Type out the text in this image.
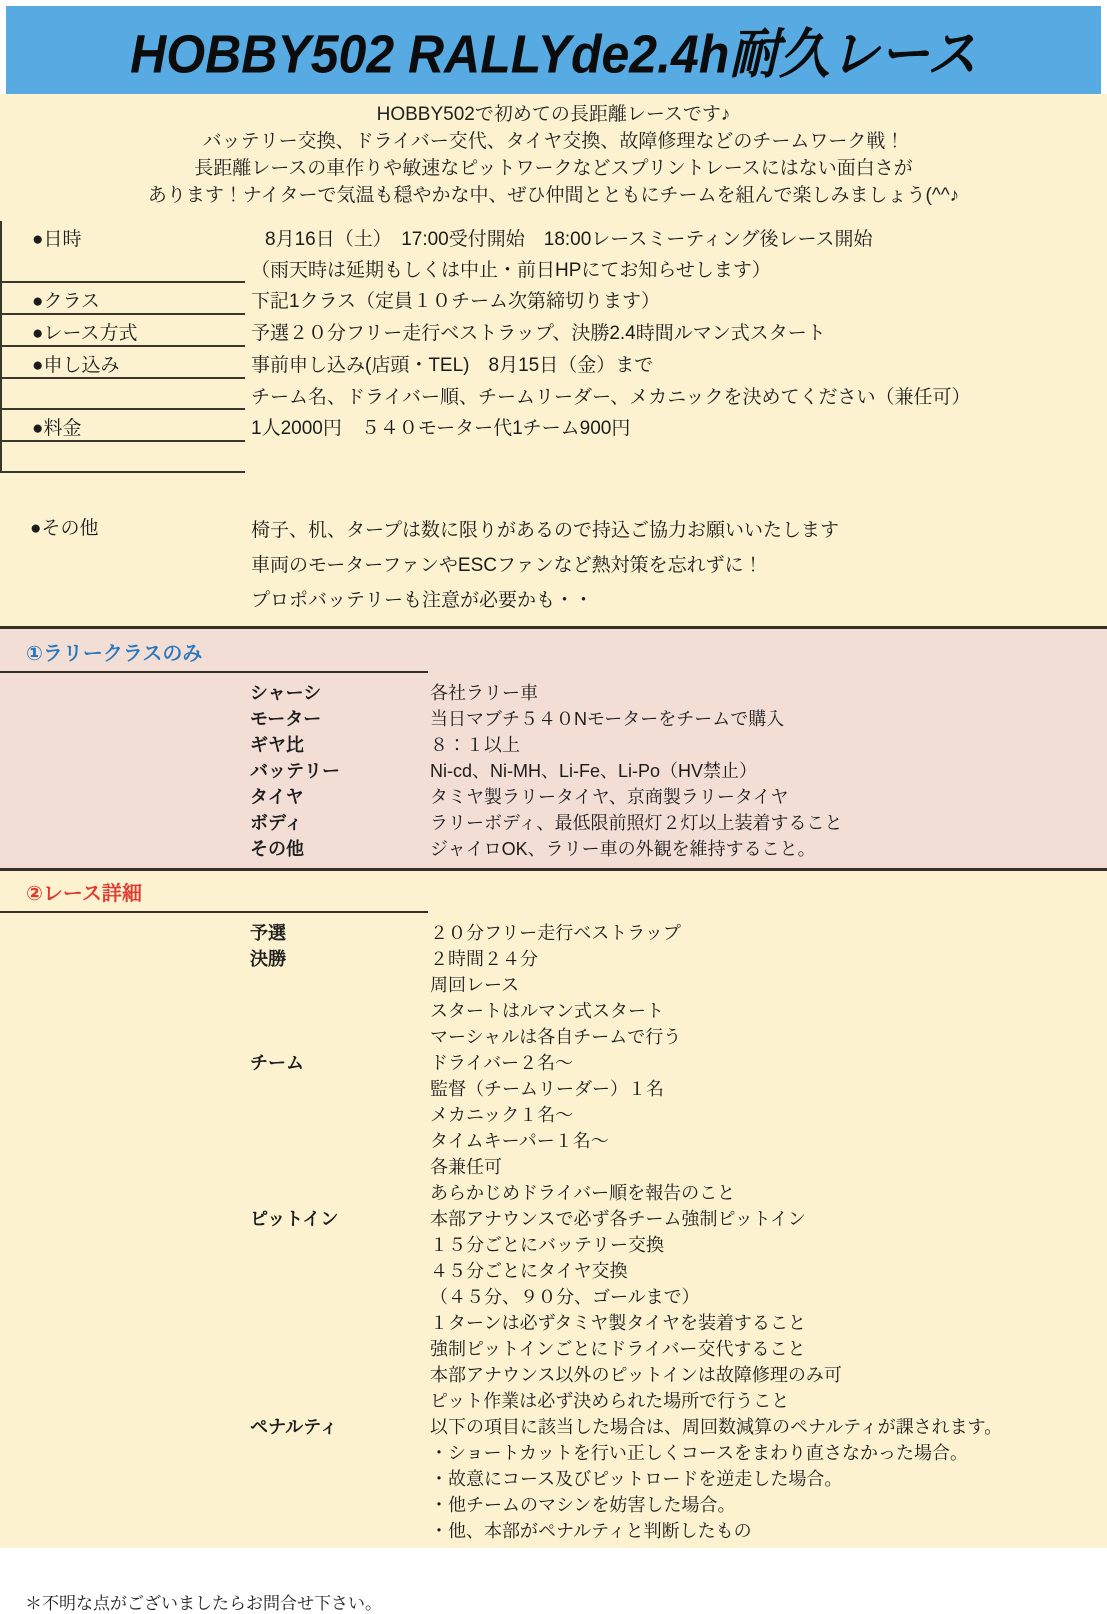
HOBBY502 RALLYde2.4h耐久レース
HOBBY502で初めての長距離レースです♪
バッテリー交換、ドライバー交代、タイヤ交換、故障修理などのチームワーク戦！
長距離レースの車作りや敏速なピットワークなどスプリントレースにはない面白さが
あります！ナイターで気温も穏やかな中、ぜひ仲間とともにチームを組んで楽しみましょう(^^♪
●日時	8月16日（土）　17:00受付開始　18:00レースミーティング後レース開始
（雨天時は延期もしくは中止・前日HPにてお知らせします）
●クラス	下記1クラス（定員１０チーム次第締切ります）
●レース方式	予選２０分フリー走行ベストラップ、決勝2.4時間ルマン式スタート
●申し込み	事前申し込み(店頭・TEL)　8月15日（金）まで
チーム名、ドライバー順、チームリーダー、メカニックを決めてください（兼任可）
●料金	1人2000円　５４０モーター代1チーム900円
●その他	椅子、机、タープは数に限りがあるので持込ご協力お願いいたします
車両のモーターファンやESCファンなど熱対策を忘れずに！
プロポバッテリーも注意が必要かも・・
①ラリークラスのみ
シャーシ	各社ラリー車
モーター	当日マブチ５４０Nモーターをチームで購入
ギヤ比	８：１以上
バッテリー	Ni-cd、Ni-MH、Li-Fe、Li-Po（HV禁止）
タイヤ	タミヤ製ラリータイヤ、京商製ラリータイヤ
ボディ	ラリーボディ、最低限前照灯２灯以上装着すること
その他	ジャイロOK、ラリー車の外観を維持すること。
②レース詳細
予選	２０分フリー走行ベストラップ
決勝	２時間２４分
周回レース
スタートはルマン式スタート
マーシャルは各自チームで行う
チーム	ドライバー２名～
監督（チームリーダー）１名
メカニック１名～
タイムキーパー１名～
各兼任可
あらかじめドライバー順を報告のこと
ピットイン	本部アナウンスで必ず各チーム強制ピットイン
１５分ごとにバッテリー交換
４５分ごとにタイヤ交換
（４５分、９０分、ゴールまで）
１ターンは必ずタミヤ製タイヤを装着すること
強制ピットインごとにドライバー交代すること
本部アナウンス以外のピットインは故障修理のみ可
ピット作業は必ず決められた場所で行うこと
ペナルティ	以下の項目に該当した場合は、周回数減算のペナルティが課されます。
・ショートカットを行い正しくコースをまわり直さなかった場合。
・故意にコース及びピットロードを逆走した場合。
・他チームのマシンを妨害した場合。
・他、本部がペナルティと判断したもの
＊不明な点がございましたらお問合せ下さい。
